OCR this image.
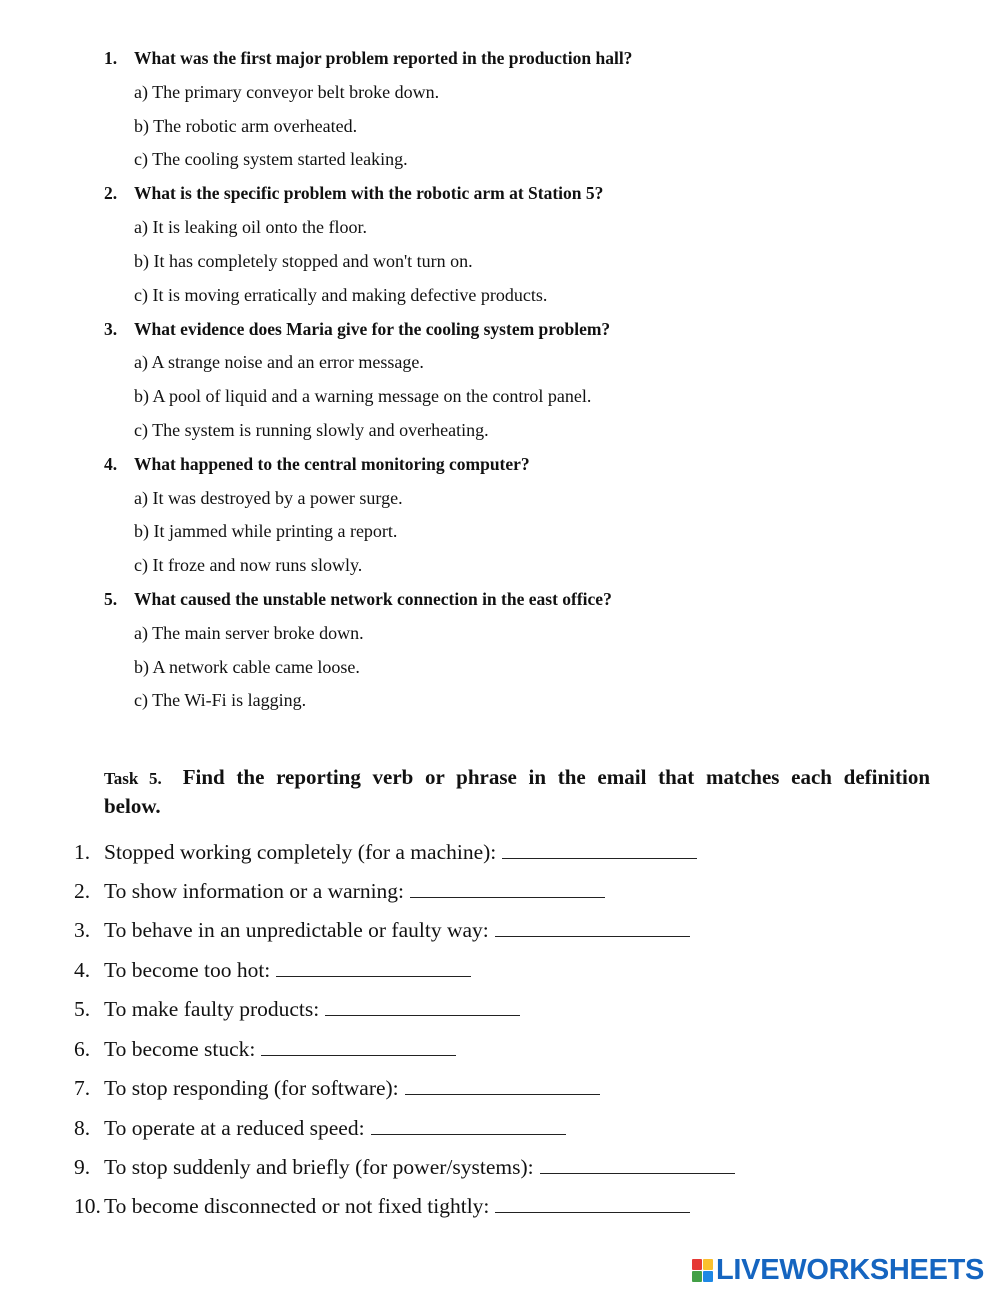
1. What was the first major problem reported in the production hall?
a) The primary conveyor belt broke down.
b) The robotic arm overheated.
c) The cooling system started leaking.
2. What is the specific problem with the robotic arm at Station 5?
a) It is leaking oil onto the floor.
b) It has completely stopped and won't turn on.
c) It is moving erratically and making defective products.
3. What evidence does Maria give for the cooling system problem?
a) A strange noise and an error message.
b) A pool of liquid and a warning message on the control panel.
c) The system is running slowly and overheating.
4. What happened to the central monitoring computer?
a) It was destroyed by a power surge.
b) It jammed while printing a report.
c) It froze and now runs slowly.
5. What caused the unstable network connection in the east office?
a) The main server broke down.
b) A network cable came loose.
c) The Wi-Fi is lagging.
Task 5. Find the reporting verb or phrase in the email that matches each definition
below.
1. Stopped working completely (for a machine):
2. To show information or a warning:
3. To behave in an unpredictable or faulty way:
4. To become too hot:
5. To make faulty products:
6. To become stuck:
7. To stop responding (for software):
8. To operate at a reduced speed:
9. To stop suddenly and briefly (for power/systems):
10. To become disconnected or not fixed tightly:
LIVEWORKSHEETS
